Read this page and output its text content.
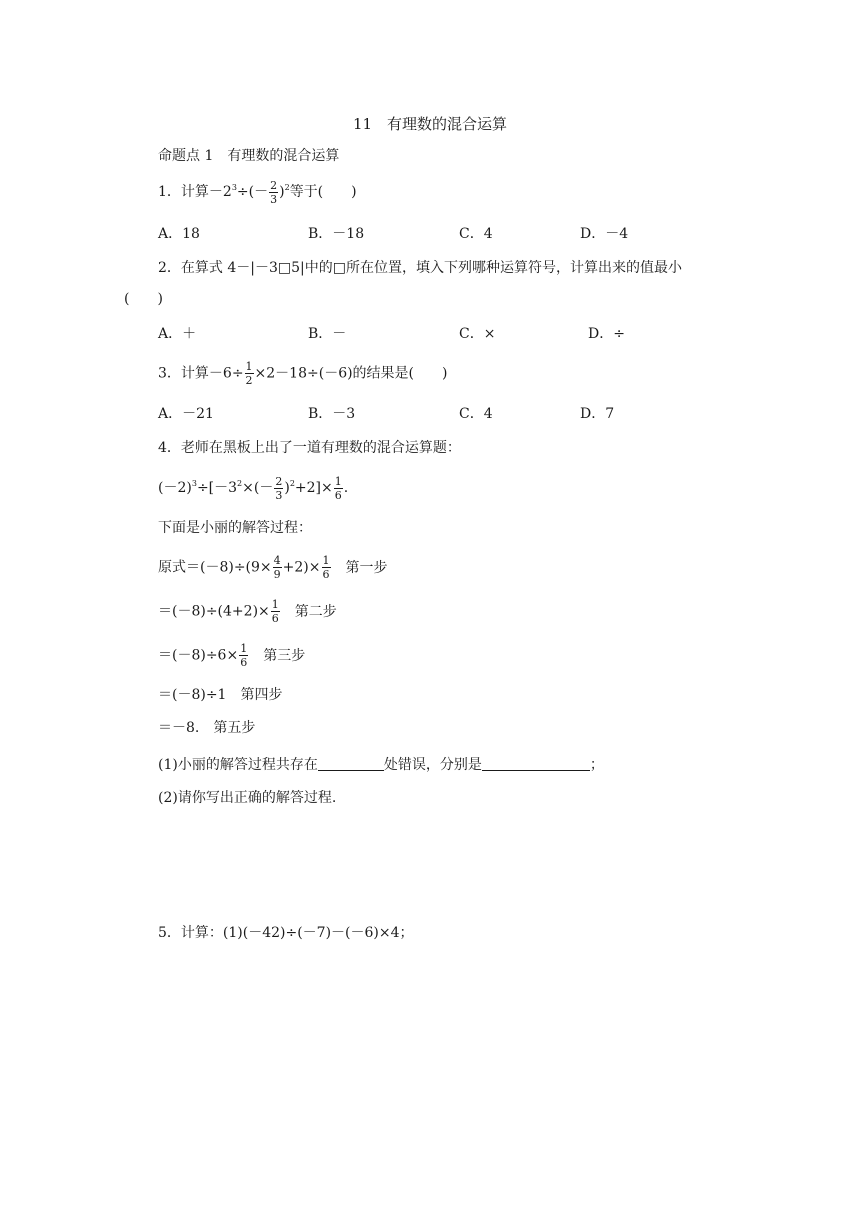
11　有理数的混合运算
命题点 1　有理数的混合运算
1．计算$-2^3\div(- \frac{2}{3} )^2$等于(　　)
A．18	B．－18	C．4	D．－4
2．在算式 4－|－3□5|中的□所在位置，填入下列哪种运算符号，计算出来的值最小
(　　)
A．＋	B．－	C．×	D．÷
3．计算$-6\div \frac{1}{2} \times 2-18\div(-6)$的结果是(　　)
A．－21	B．－3	C．4	D．7
4．老师在黑板上出了一道有理数的混合运算题：
$(-2)^3\div[-3^2\times(- \frac{2}{3} )^2+2]\times \frac{1}{6}$ .
下面是小丽的解答过程：
原式$=(-8)\div(9\times \frac{4}{9} +2)\times \frac{1}{6}$ 第一步
$=(-8)\div(4+2)\times \frac{1}{6}$ 第二步
$=(-8)\div 6\times \frac{1}{6}$ 第三步
＝(－8)÷1 第四步
＝－8. 第五步
(1)小丽的解答过程共存在	处错误，分别是	；
(2)请你写出正确的解答过程.
5．计算：(1)(－42)÷(－7)－(－6)×4；
